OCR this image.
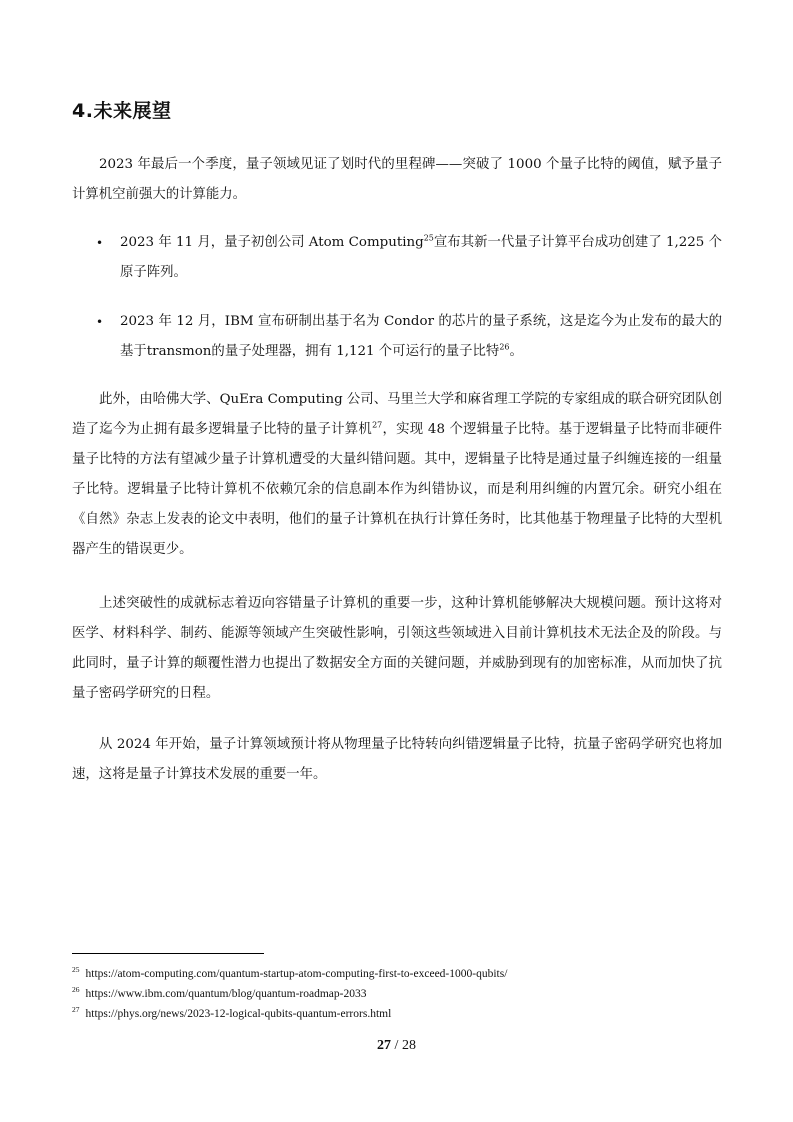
4.未来展望

2023 年最后一个季度，量子领域见证了划时代的里程碑——突破了 1000 个量子比特的阈值，赋予量子计算机空前强大的计算能力。

• 2023 年 11 月，量子初创公司 Atom Computing$^{25}$宣布其新一代量子计算平台成功创建了 1,225 个原子阵列。
• 2023 年 12 月，IBM 宣布研制出基于名为 Condor 的芯片的量子系统，这是迄今为止发布的最大的基于transmon的量子处理器，拥有 1,121 个可运行的量子比特$^{26}$。

此外，由哈佛大学、QuEra Computing 公司、马里兰大学和麻省理工学院的专家组成的联合研究团队创造了迄今为止拥有最多逻辑量子比特的量子计算机$^{27}$，实现 48 个逻辑量子比特。基于逻辑量子比特而非硬件量子比特的方法有望减少量子计算机遭受的大量纠错问题。其中，逻辑量子比特是通过量子纠缠连接的一组量子比特。逻辑量子比特计算机不依赖冗余的信息副本作为纠错协议，而是利用纠缠的内置冗余。研究小组在《自然》杂志上发表的论文中表明，他们的量子计算机在执行计算任务时，比其他基于物理量子比特的大型机器产生的错误更少。

上述突破性的成就标志着迈向容错量子计算机的重要一步，这种计算机能够解决大规模问题。预计这将对医学、材料科学、制药、能源等领域产生突破性影响，引领这些领域进入目前计算机技术无法企及的阶段。与此同时，量子计算的颠覆性潜力也提出了数据安全方面的关键问题，并威胁到现有的加密标准，从而加快了抗量子密码学研究的日程。

从 2024 年开始，量子计算领域预计将从物理量子比特转向纠错逻辑量子比特，抗量子密码学研究也将加速，这将是量子计算技术发展的重要一年。

$^{25}$ https://atom-computing.com/quantum-startup-atom-computing-first-to-exceed-1000-qubits/
$^{26}$ https://www.ibm.com/quantum/blog/quantum-roadmap-2033
$^{27}$ https://phys.org/news/2023-12-logical-qubits-quantum-errors.html
27 / 28
